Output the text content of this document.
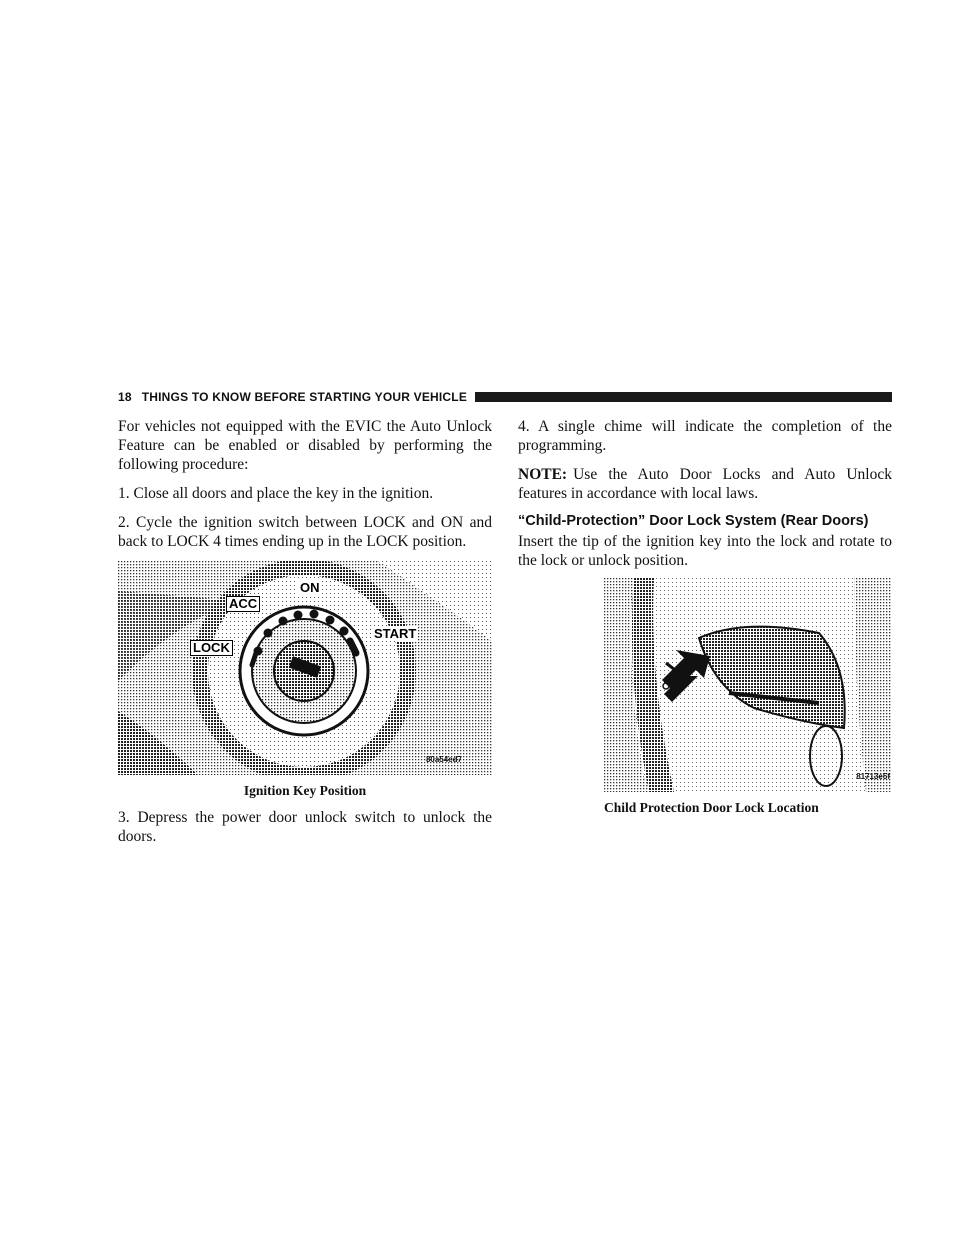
18 THINGS TO KNOW BEFORE STARTING YOUR VEHICLE

For vehicles not equipped with the EVIC the Auto Unlock Feature can be enabled or disabled by performing the following procedure:

1. Close all doors and place the key in the ignition.

2. Cycle the ignition switch between LOCK and ON and back to LOCK 4 times ending up in the LOCK position.

ON
ACC
LOCK
START
80a54ed7
Ignition Key Position

3. Depress the power door unlock switch to unlock the doors.

4. A single chime will indicate the completion of the programming.

NOTE: Use the Auto Door Locks and Auto Unlock features in accordance with local laws.

“Child-Protection” Door Lock System (Rear Doors)

Insert the tip of the ignition key into the lock and rotate to the lock or unlock position.

81713e5f
Child Protection Door Lock Location
